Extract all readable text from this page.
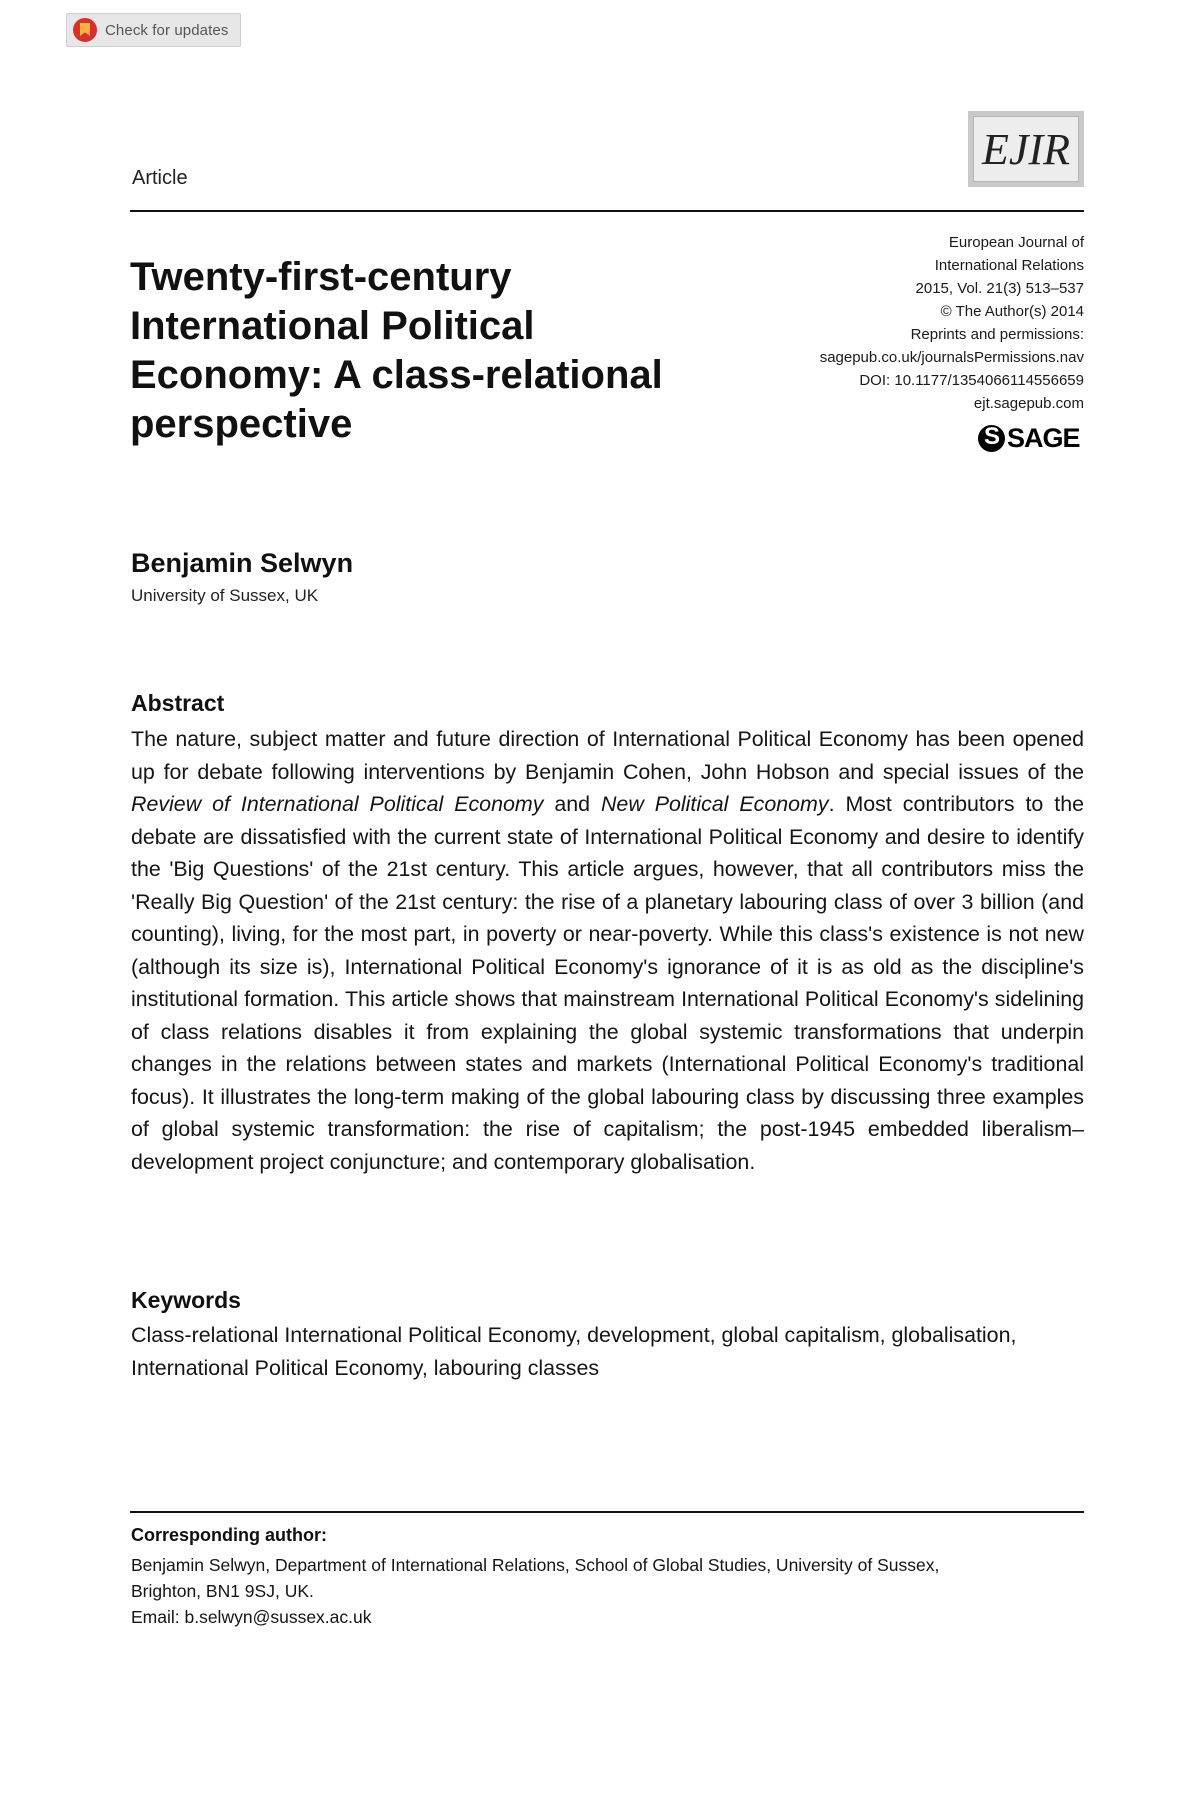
Check for updates
Article
EJIR
European Journal of
International Relations
2015, Vol. 21(3) 513–537
© The Author(s) 2014
Reprints and permissions:
sagepub.co.uk/journalsPermissions.nav
DOI: 10.1177/1354066114556659
ejt.sagepub.com
S
SAGE
Twenty-first-century International Political Economy: A class-relational perspective
Benjamin Selwyn
University of Sussex, UK
Abstract

The nature, subject matter and future direction of International Political Economy has been opened up for debate following interventions by Benjamin Cohen, John Hobson and special issues of the Review of International Political Economy and New Political Economy. Most contributors to the debate are dissatisfied with the current state of International Political Economy and desire to identify the 'Big Questions' of the 21st century. This article argues, however, that all contributors miss the 'Really Big Question' of the 21st century: the rise of a planetary labouring class of over 3 billion (and counting), living, for the most part, in poverty or near-poverty. While this class's existence is not new (although its size is), International Political Economy's ignorance of it is as old as the discipline's institutional formation. This article shows that mainstream International Political Economy's sidelining of class relations disables it from explaining the global systemic transformations that underpin changes in the relations between states and markets (International Political Economy's traditional focus). It illustrates the long-term making of the global labouring class by discussing three examples of global systemic transformation: the rise of capitalism; the post-1945 embedded liberalism–development project conjuncture; and contemporary globalisation.

Keywords

Class-relational International Political Economy, development, global capitalism, globalisation, International Political Economy, labouring classes

Corresponding author:
Benjamin Selwyn, Department of International Relations, School of Global Studies, University of Sussex,
Brighton, BN1 9SJ, UK.
Email: b.selwyn@sussex.ac.uk
